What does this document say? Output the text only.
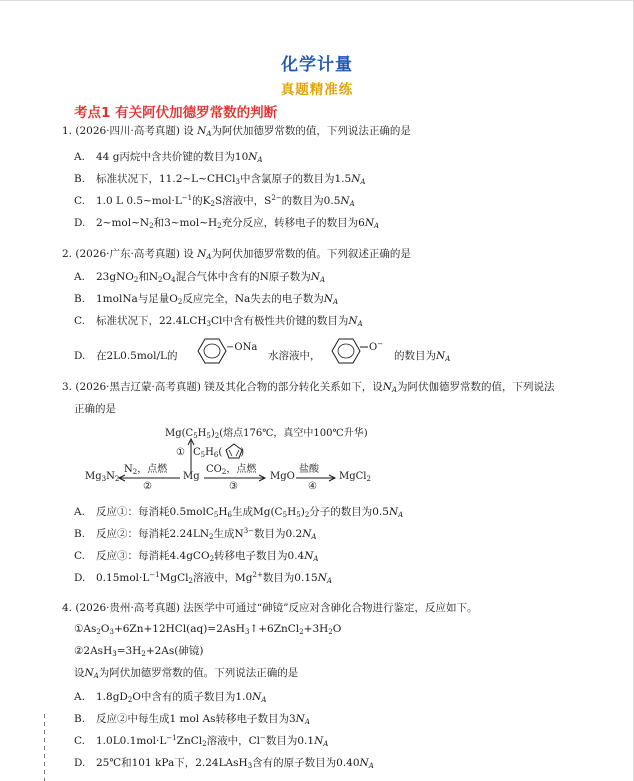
化学计量
真题精准练
考点1 有关阿伏加德罗常数的判断
1. (2026·四川·高考真题) 设 $N_A$为阿伏加德罗常数的值，下列说法正确的是
A. 44 g丙烷中含共价键的数目为$10N_A$
B. 标准状况下，11.2∼L∼CHCl$_3$中含氯原子的数目为$1.5N_A$
C. 1.0 L $0.5\sim mol\cdot L^{-1}$的$K_2S$溶液中，$S^{2-}$的数目为$0.5N_A$
D. $2\sim mol\sim N_2$和$3\sim mol\sim H_2$充分反应，转移电子的数目为$6N_A$
2. (2026·广东·高考真题) 设 $N_A$为阿伏加德罗常数的值。下列叙述正确的是
A. 23gNO$_2$和$N_2O_4$混合气体中含有的N原子数为$N_A$
B. 1molNa与足量$O_2$反应完全，Na失去的电子数为$N_A$
C. 标准状况下，$22.4LCH_3Cl$中含有极性共价键的数目为$N_A$
D. 在2L0.5mol/L的
−ONa
水溶液中，
O−
的数目为$N_A$
3. (2026·黑吉辽蒙·高考真题) 镁及其化合物的部分转化关系如下，设$N_A$为阿伏伽德罗常数的值，下列说法
正确的是
$Mg(C_5H_5)_2$(熔点176℃，真空中100℃升华)
① $C_5H_6$( )
$Mg_3N_2$
$N_2$，点燃
②
Mg
$CO_2$，点燃
③
MgO
盐酸
④
MgCl$_2$
A. 反应①：每消耗$0.5molC_5H_6$生成$Mg(C_5H_5)_2$分子的数目为$0.5N_A$
B. 反应②：每消耗$2.24LN_2$生成$N^{3-}$数目为$0.2N_A$
C. 反应③：每消耗4.4gCO$_2$转移电子数目为$0.4N_A$
D. $0.15mol\cdot L^{-1}MgCl_2$溶液中，$Mg^{2+}$数目为$0.15N_A$
4. (2026·贵州·高考真题) 法医学中可通过“砷镜”反应对含砷化合物进行鉴定，反应如下。
$①As_2O_3+6Zn+12HCl(aq)=2AsH_3↑+6ZnCl_2+3H_2O$
$②2AsH_3=3H_2+2As$(砷镜)
设$N_A$为阿伏加德罗常数的值。下列说法正确的是
A. $1.8gD_2O$中含有的质子数目为$1.0N_A$
B. 反应②中每生成1 mol As转移电子数目为$3N_A$
C. $1.0L0.1mol\cdot L^{-1}ZnCl_2$溶液中，Cl−数目为$0.1N_A$
D. 25℃和101 kPa下，2.24LAsH$_3$含有的原子数目为$0.40N_A$
